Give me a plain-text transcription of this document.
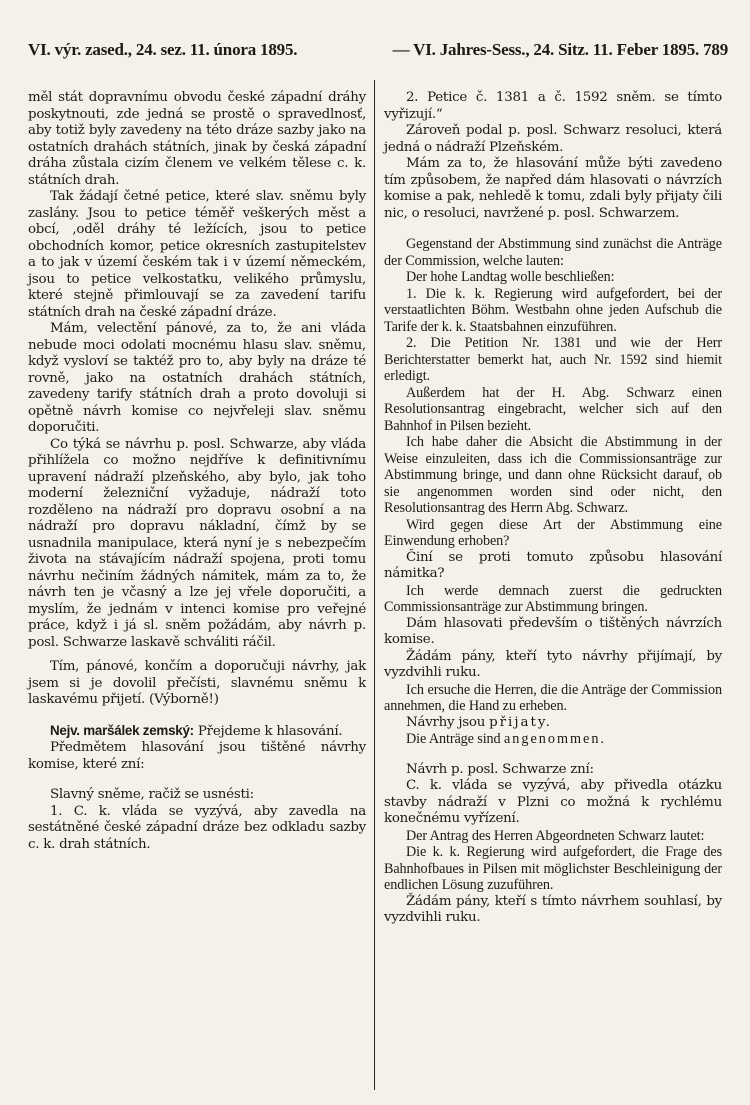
VI. výr. zased., 24. sez. 11. února 1895.	— VI. Jahres-Sess., 24. Sitz. 11. Feber 1895. 789

měl stát dopravnímu obvodu české západní dráhy poskytnouti, zde jedná se prostě o spravedlnosť, aby totiž byly zavedeny na této dráze sazby jako na ostatních drahách státních, jinak by česká západní dráha zůstala cizím členem ve velkém tělese c. k. státních drah.

Tak žádají četné petice, které slav. sněmu byly zaslány. Jsou to petice téměř veškerých měst a obcí, ,oděl dráhy té ležících, jsou to petice obchodních komor, petice okresních zastupitelstev a to jak v území českém tak i v území německém, jsou to petice velkostatku, velikého průmyslu, které stejně přimlouvají se za zavedení tarifu státních drah na české západní dráze.

Mám, velectění pánové, za to, že ani vláda nebude moci odolati mocnému hlasu slav. sněmu, když vysloví se taktéž pro to, aby byly na dráze té rovně, jako na ostatních drahách státních, zavedeny tarify státních drah a proto dovoluji si opětně návrh komise co nejvřeleji slav. sněmu doporučiti.

Co týká se návrhu p. posl. Schwarze, aby vláda přihlížela co možno nejdříve k definitivnímu upravení nádraží plzeňského, aby bylo, jak toho moderní železniční vyžaduje, nádraží toto rozděleno na nádraží pro dopravu osobní a na nádraží pro dopravu nákladní, čímž by se usnadnila manipulace, která nyní je s nebezpečím života na stávajícím nádraží spojena, proti tomu návrhu nečiním žádných námitek, mám za to, že návrh ten je včasný a lze jej vřele doporučiti, a myslím, že jednám v intenci komise pro veřejné práce, když i já sl. sněm požádám, aby návrh p. posl. Schwarze laskavě schváliti ráčil.

Tím, pánové, končím a doporučuji návrhy, jak jsem si je dovolil přečísti, slavnému sněmu k laskavému přijetí. (Výborně!)

Nejv. maršálek zemský: Přejdeme k hlasování.

Předmětem hlasování jsou tištěné návrhy komise, které zní:

Slavný sněme, račiž se usnésti:

1. C. k. vláda se vyzývá, aby zavedla na sestátněné české západní dráze bez odkladu sazby c. k. drah státních.

2. Petice č. 1381 a č. 1592 sněm. se tímto vyřizují.“

Zároveň podal p. posl. Schwarz resoluci, která jedná o nádraží Plzeňském.

Mám za to, že hlasování může býti zavedeno tím způsobem, že napřed dám hlasovati o návrzích komise a pak, nehledě k tomu, zdali byly přijaty čili nic, o resoluci, navržené p. posl. Schwarzem.

Gegenstand der Abstimmung sind zunächst die Anträge der Commission, welche lauten:

Der hohe Landtag wolle beschließen:

1. Die k. k. Regierung wird aufgefordert, bei der verstaatlichten Böhm. Westbahn ohne jeden Aufschub die Tarife der k. k. Staatsbahnen einzuführen.

2. Die Petition Nr. 1381 und wie der Herr Berichterstatter bemerkt hat, auch Nr. 1592 sind hiemit erledigt.

Außerdem hat der H. Abg. Schwarz einen Resolutionsantrag eingebracht, welcher sich auf den Bahnhof in Pilsen bezieht.

Ich habe daher die Absicht die Abstimmung in der Weise einzuleiten, dass ich die Commissionsanträge zur Abstimmung bringe, und dann ohne Rücksicht darauf, ob sie angenommen worden sind oder nicht, den Resolutionsantrag des Herrn Abg. Schwarz.

Wird gegen diese Art der Abstimmung eine Einwendung erhoben?

Činí se proti tomuto způsobu hlasování námitka?

Ich werde demnach zuerst die gedruckten Commissionsanträge zur Abstimmung bringen.

Dám hlasovati především o tištěných návrzích komise.

Žádám pány, kteří tyto návrhy přijímají, by vyzdvihli ruku.

Ich ersuche die Herren, die die Anträge der Commission annehmen, die Hand zu erheben.

Návrhy jsou přijaty.

Die Anträge sind angenommen.

Návrh p. posl. Schwarze zní:

C. k. vláda se vyzývá, aby přivedla otázku stavby nádraží v Plzni co možná k rychlému konečnému vyřízení.

Der Antrag des Herren Abgeordneten Schwarz lautet:

Die k. k. Regierung wird aufgefordert, die Frage des Bahnhofbaues in Pilsen mit möglichster Beschleinigung der endlichen Lösung zuzuführen.

Žádám pány, kteří s tímto návrhem souhlasí, by vyzdvihli ruku.
